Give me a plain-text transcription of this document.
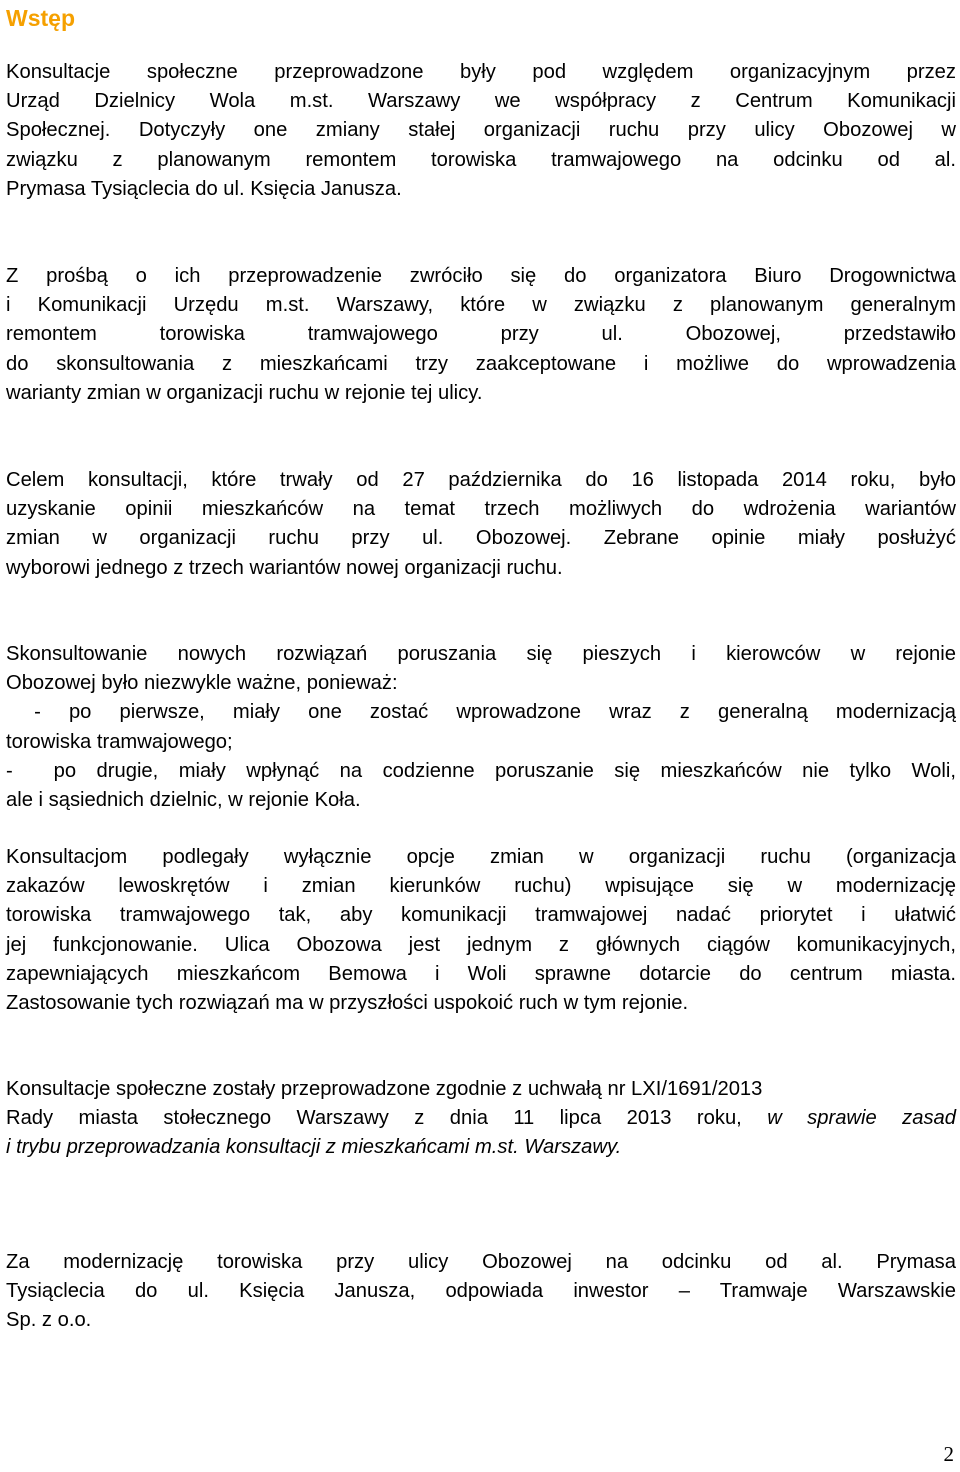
Wstęp

Konsultacje społeczne przeprowadzone były pod względem organizacyjnym przez
Urząd Dzielnicy Wola m.st. Warszawy we współpracy z Centrum Komunikacji
Społecznej. Dotyczyły one zmiany stałej organizacji ruchu przy ulicy Obozowej w
związku z planowanym remontem torowiska tramwajowego na odcinku od al.
Prymasa Tysiąclecia do ul. Księcia Janusza.

Z prośbą o ich przeprowadzenie zwróciło się do organizatora Biuro Drogownictwa
i Komunikacji Urzędu m.st. Warszawy, które w związku z planowanym generalnym
remontem torowiska tramwajowego przy ul. Obozowej, przedstawiło
do skonsultowania z mieszkańcami trzy zaakceptowane i możliwe do wprowadzenia
warianty zmian w organizacji ruchu w rejonie tej ulicy.

Celem konsultacji, które trwały od 27 października do 16 listopada 2014 roku, było
uzyskanie opinii mieszkańców na temat trzech możliwych do wdrożenia wariantów
zmian w organizacji ruchu przy ul. Obozowej. Zebrane opinie miały posłużyć
wyborowi jednego z trzech wariantów nowej organizacji ruchu.

Skonsultowanie nowych rozwiązań poruszania się pieszych i kierowców w rejonie
Obozowej było niezwykle ważne, ponieważ:
- po pierwsze, miały one zostać wprowadzone wraz z generalną modernizacją
torowiska tramwajowego;
-  po drugie, miały wpłynąć na codzienne poruszanie się mieszkańców nie tylko Woli,
ale i sąsiednich dzielnic, w rejonie Koła.

Konsultacjom podlegały wyłącznie opcje zmian w organizacji ruchu (organizacja
zakazów lewoskrętów i zmian kierunków ruchu) wpisujące się w modernizację
torowiska tramwajowego tak, aby komunikacji tramwajowej nadać priorytet i ułatwić
jej funkcjonowanie. Ulica Obozowa jest jednym z głównych ciągów komunikacyjnych,
zapewniających mieszkańcom Bemowa i Woli sprawne dotarcie do centrum miasta.
Zastosowanie tych rozwiązań ma w przyszłości uspokoić ruch w tym rejonie.

Konsultacje społeczne zostały przeprowadzone zgodnie z uchwałą nr LXI/1691/2013
Rady miasta stołecznego Warszawy z dnia 11 lipca 2013 roku, w sprawie zasad
i trybu przeprowadzania konsultacji z mieszkańcami m.st. Warszawy.

Za modernizację torowiska przy ulicy Obozowej na odcinku od al. Prymasa
Tysiąclecia do ul. Księcia Janusza, odpowiada inwestor – Tramwaje Warszawskie
Sp. z o.o.

2
